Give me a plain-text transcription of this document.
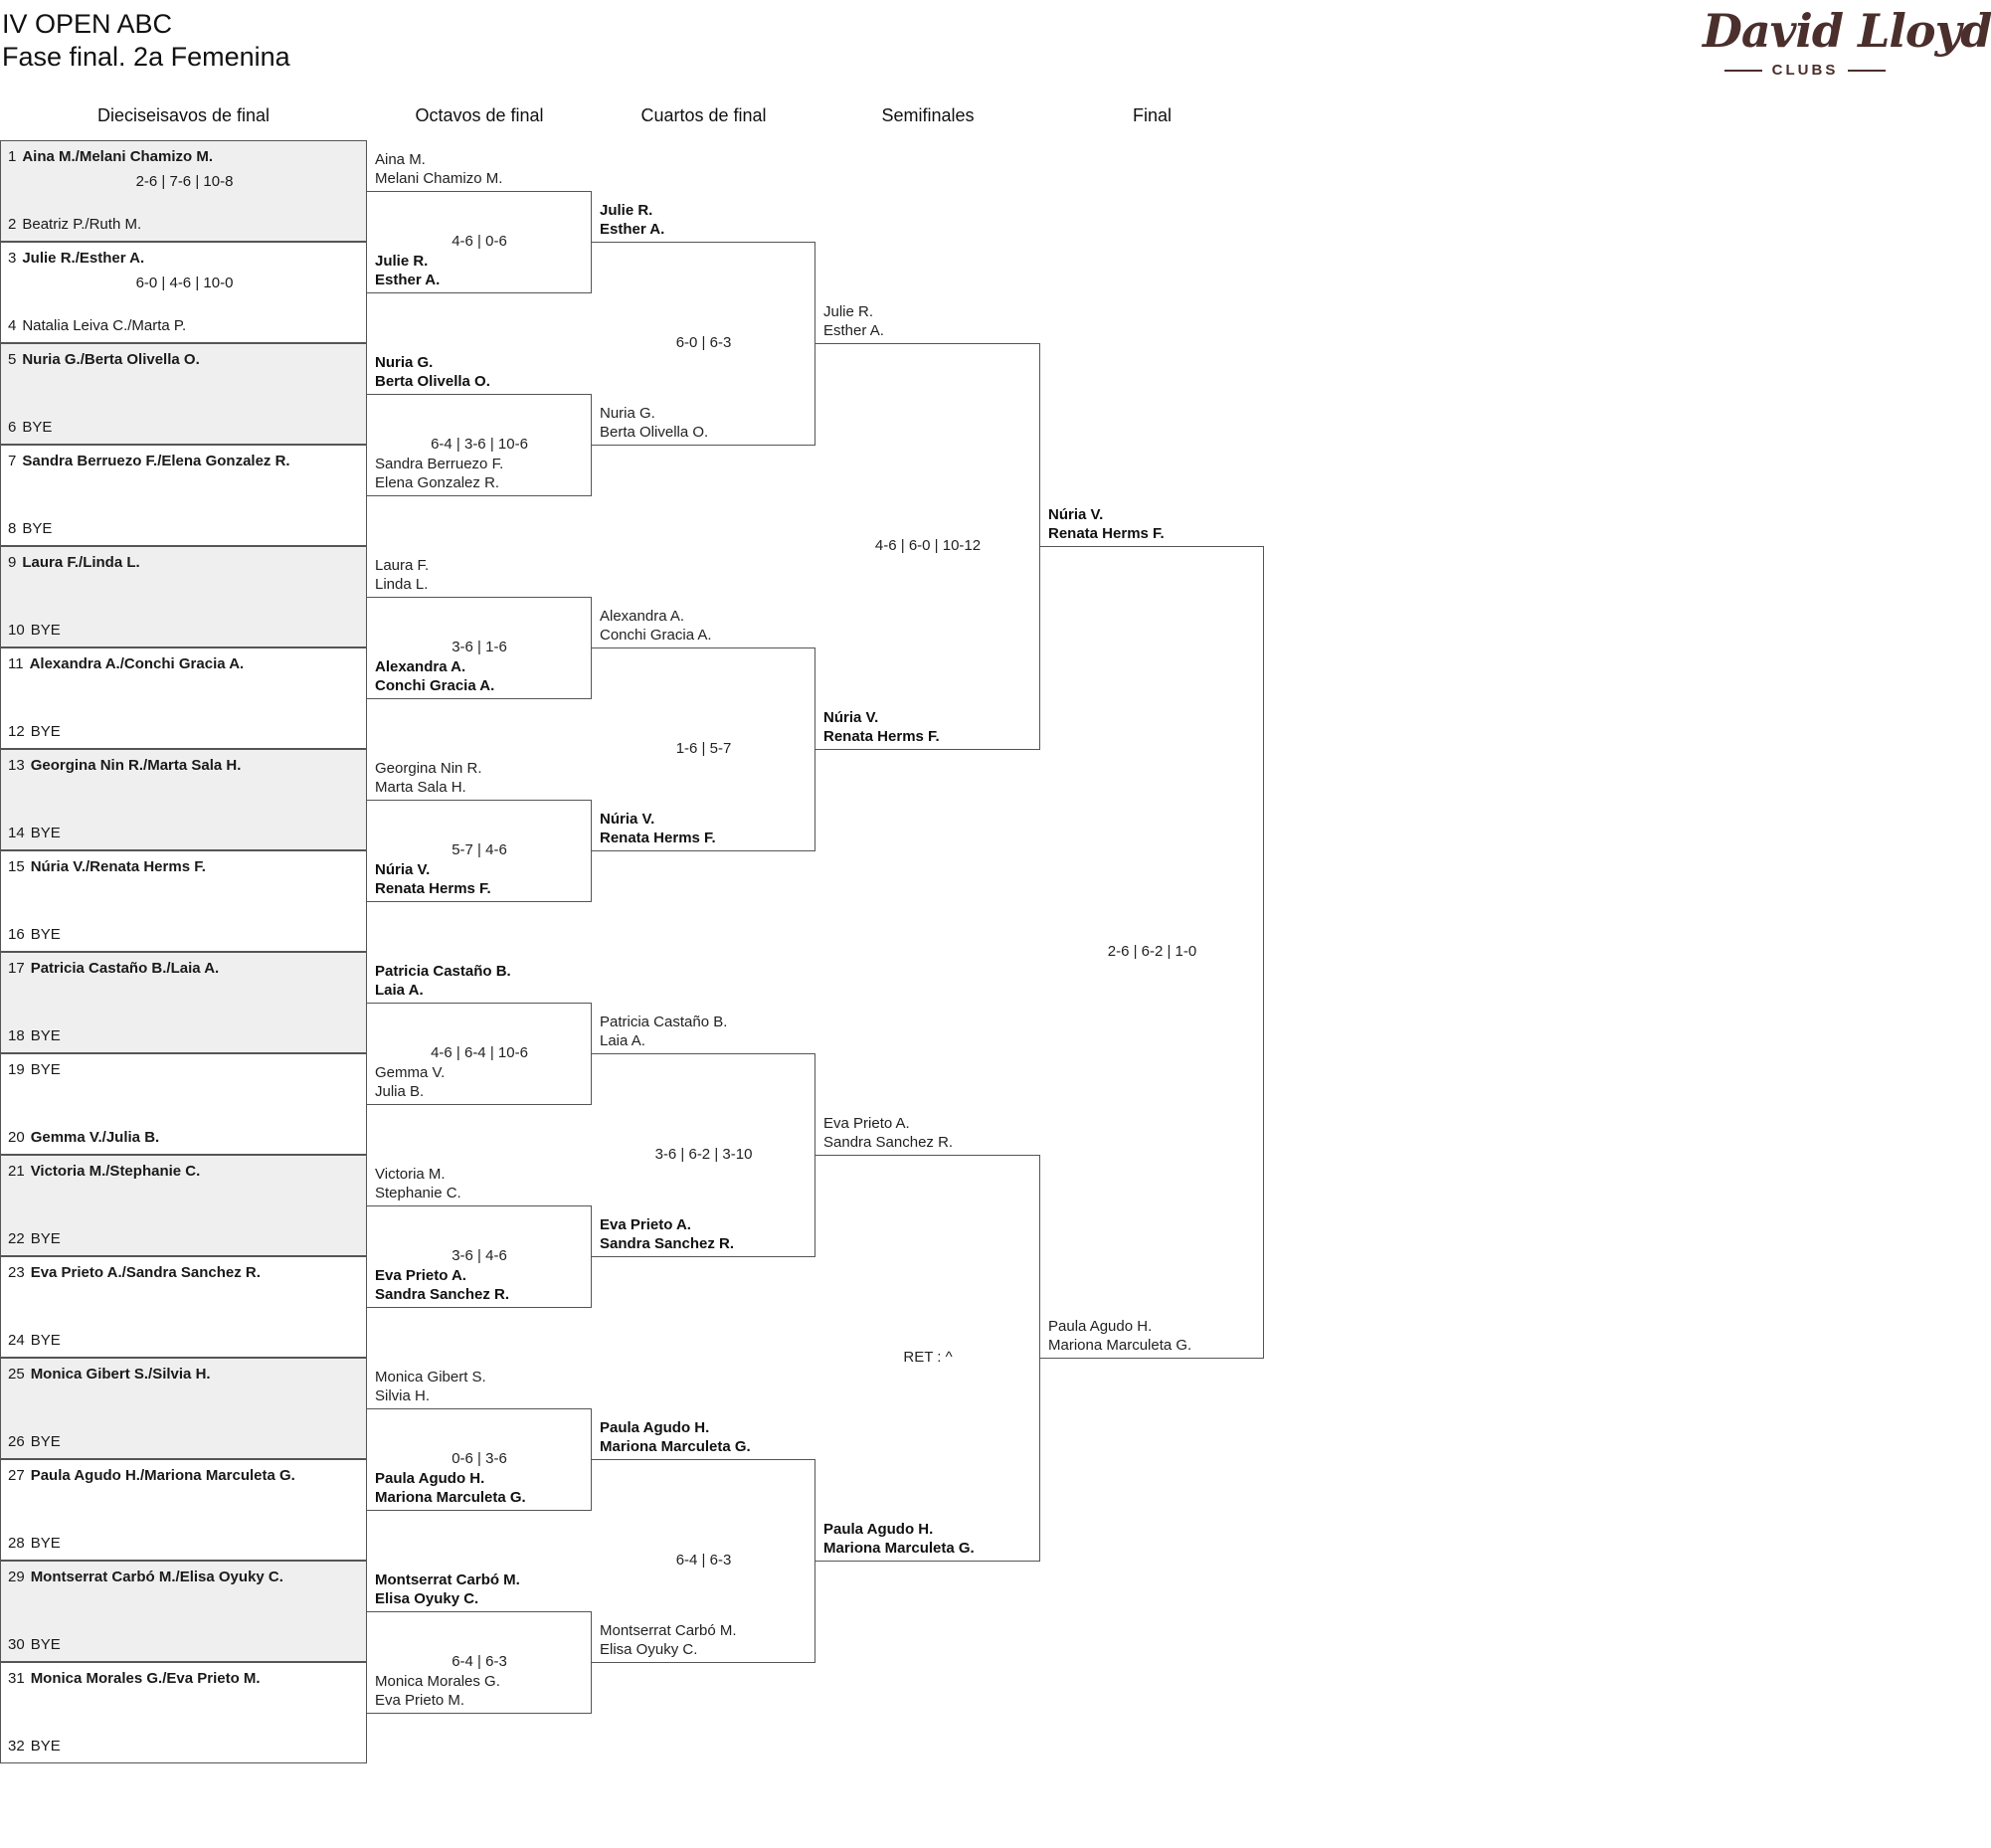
IV OPEN ABC
Fase final. 2a Femenina	David Lloyd
CLUBS
Dieciseisavos de final	Octavos de final	Cuartos de final	Semifinales	Final
1 Aina M./Melani Chamizo M.
2 Beatriz P./Ruth M.
2-6 | 7-6 | 10-8
3 Julie R./Esther A.
4 Natalia Leiva C./Marta P.
6-0 | 4-6 | 10-0
5 Nuria G./Berta Olivella O.
6 BYE
7 Sandra Berruezo F./Elena Gonzalez R.
8 BYE
9 Laura F./Linda L.
10 BYE
11 Alexandra A./Conchi Gracia A.
12 BYE
13 Georgina Nin R./Marta Sala H.
14 BYE
15 Núria V./Renata Herms F.
16 BYE
17 Patricia Castaño B./Laia A.
18 BYE
19 BYE
20 Gemma V./Julia B.
21 Victoria M./Stephanie C.
22 BYE
23 Eva Prieto A./Sandra Sanchez R.
24 BYE
25 Monica Gibert S./Silvia H.
26 BYE
27 Paula Agudo H./Mariona Marculeta G.
28 BYE
29 Montserrat Carbó M./Elisa Oyuky C.
30 BYE
31 Monica Morales G./Eva Prieto M.
32 BYE
Aina M.
Melani Chamizo M.
Julie R.
Esther A.
4-6 | 0-6
Nuria G.
Berta Olivella O.
Sandra Berruezo F.
Elena Gonzalez R.
6-4 | 3-6 | 10-6
Laura F.
Linda L.
Alexandra A.
Conchi Gracia A.
3-6 | 1-6
Georgina Nin R.
Marta Sala H.
Núria V.
Renata Herms F.
5-7 | 4-6
Patricia Castaño B.
Laia A.
Gemma V.
Julia B.
4-6 | 6-4 | 10-6
Victoria M.
Stephanie C.
Eva Prieto A.
Sandra Sanchez R.
3-6 | 4-6
Monica Gibert S.
Silvia H.
Paula Agudo H.
Mariona Marculeta G.
0-6 | 3-6
Montserrat Carbó M.
Elisa Oyuky C.
Monica Morales G.
Eva Prieto M.
6-4 | 6-3
Julie R.
Esther A.
Nuria G.
Berta Olivella O.
6-0 | 6-3
Alexandra A.
Conchi Gracia A.
Núria V.
Renata Herms F.
1-6 | 5-7
Patricia Castaño B.
Laia A.
Eva Prieto A.
Sandra Sanchez R.
3-6 | 6-2 | 3-10
Paula Agudo H.
Mariona Marculeta G.
Montserrat Carbó M.
Elisa Oyuky C.
6-4 | 6-3
Julie R.
Esther A.
Núria V.
Renata Herms F.
4-6 | 6-0 | 10-12
Eva Prieto A.
Sandra Sanchez R.
Paula Agudo H.
Mariona Marculeta G.
RET : ^
Núria V.
Renata Herms F.
Paula Agudo H.
Mariona Marculeta G.
2-6 | 6-2 | 1-0
